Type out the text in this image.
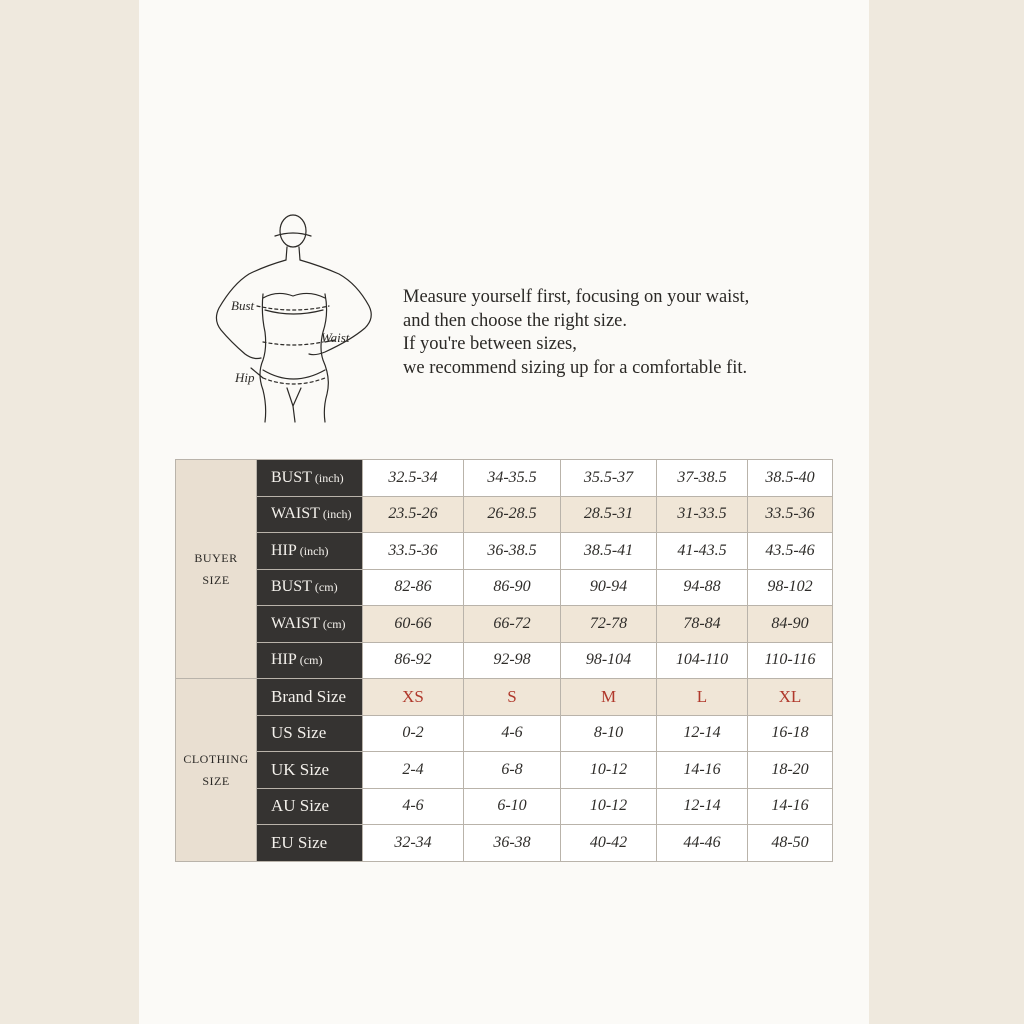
Bust
Waist
Hip
Measure yourself first, focusing on your waist,
and then choose the right size.
If you're between sizes,
we recommend sizing up for a comfortable fit.
BUYER
SIZE	BUST (inch)	32.5-34	34-35.5	35.5-37	37-38.5	38.5-40
	WAIST (inch)	23.5-26	26-28.5	28.5-31	31-33.5	33.5-36
	HIP (inch)	33.5-36	36-38.5	38.5-41	41-43.5	43.5-46
	BUST (cm)	82-86	86-90	90-94	94-88	98-102
	WAIST (cm)	60-66	66-72	72-78	78-84	84-90
	HIP (cm)	86-92	92-98	98-104	104-110	110-116

CLOTHING
SIZE	Brand Size	XS	S	M	L	XL
	US Size	0-2	4-6	8-10	12-14	16-18
	UK Size	2-4	6-8	10-12	14-16	18-20
	AU Size	4-6	6-10	10-12	12-14	14-16
	EU Size	32-34	36-38	40-42	44-46	48-50
